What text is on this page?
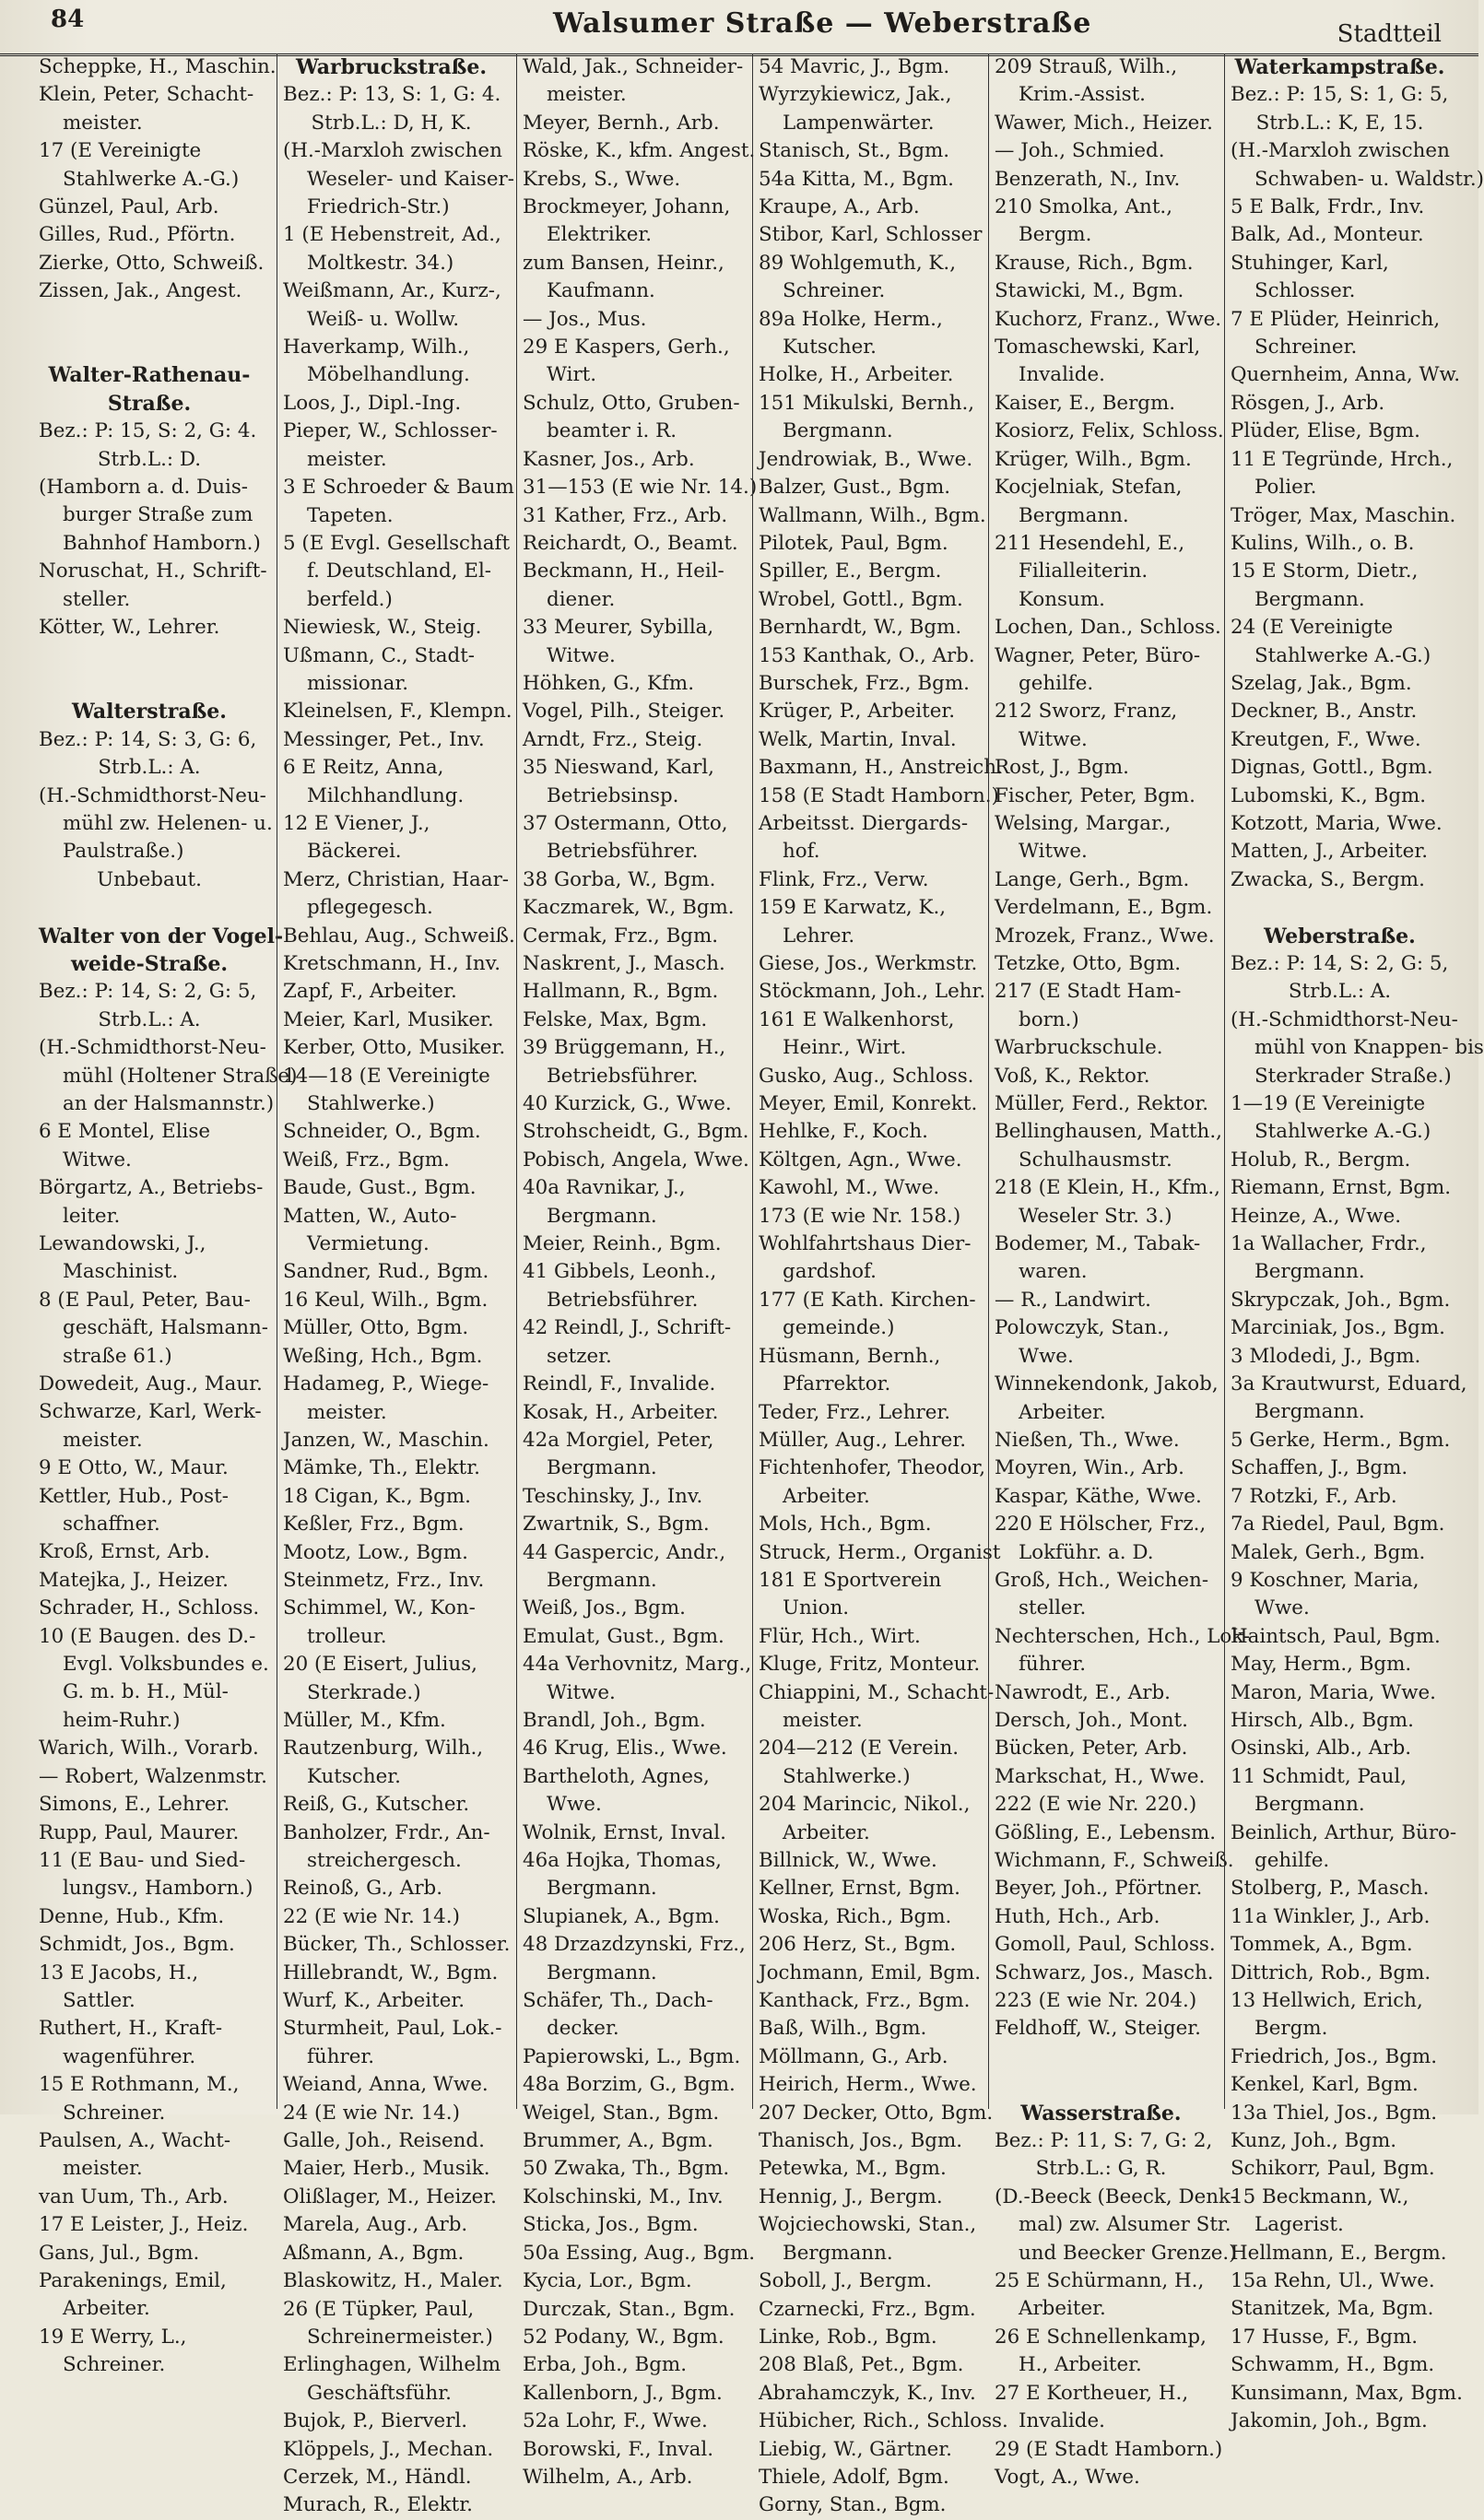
84	Walsumer Straße — Weberstraße	Stadtteil
Scheppke, H., Maschin.
Klein, Peter, Schacht-
meister.
17 (E Vereinigte
Stahlwerke A.-G.)
Günzel, Paul, Arb.
Gilles, Rud., Pförtn.
Zierke, Otto, Schweiß.
Zissen, Jak., Angest.
Walter-Rathenau-
Straße.
Bez.: P: 15, S: 2, G: 4.
Strb.L.: D.
(Hamborn a. d. Duis-
burger Straße zum
Bahnhof Hamborn.)
Noruschat, H., Schrift-
steller.
Kötter, W., Lehrer.
Walterstraße.
Bez.: P: 14, S: 3, G: 6,
Strb.L.: A.
(H.-Schmidthorst-Neu-
mühl zw. Helenen- u.
Paulstraße.)
Unbebaut.
Walter von der Vogel-
weide-Straße.
Bez.: P: 14, S: 2, G: 5,
Strb.L.: A.
(H.-Schmidthorst-Neu-
mühl (Holtener Straße)
an der Halsmannstr.)
6 E Montel, Elise
Witwe.
Börgartz, A., Betriebs-
leiter.
Lewandowski, J.,
Maschinist.
8 (E Paul, Peter, Bau-
geschäft, Halsmann-
straße 61.)
Dowedeit, Aug., Maur.
Schwarze, Karl, Werk-
meister.
9 E Otto, W., Maur.
Kettler, Hub., Post-
schaffner.
Kroß, Ernst, Arb.
Matejka, J., Heizer.
Schrader, H., Schloss.
10 (E Baugen. des D.-
Evgl. Volksbundes e.
G. m. b. H., Mül-
heim-Ruhr.)
Warich, Wilh., Vorarb.
— Robert, Walzenmstr.
Simons, E., Lehrer.
Rupp, Paul, Maurer.
11 (E Bau- und Sied-
lungsv., Hamborn.)
Denne, Hub., Kfm.
Schmidt, Jos., Bgm.
13 E Jacobs, H.,
Sattler.
Ruthert, H., Kraft-
wagenführer.
15 E Rothmann, M.,
Schreiner.
Paulsen, A., Wacht-
meister.
van Uum, Th., Arb.
17 E Leister, J., Heiz.
Gans, Jul., Bgm.
Parakenings, Emil,
Arbeiter.
19 E Werry, L.,
Schreiner.
Warbruckstraße.
Bez.: P: 13, S: 1, G: 4.
Strb.L.: D, H, K.
(H.-Marxloh zwischen
Weseler- und Kaiser-
Friedrich-Str.)
1 (E Hebenstreit, Ad.,
Moltkestr. 34.)
Weißmann, Ar., Kurz-,
Weiß- u. Wollw.
Haverkamp, Wilh.,
Möbelhandlung.
Loos, J., Dipl.-Ing.
Pieper, W., Schlosser-
meister.
3 E Schroeder & Baum
Tapeten.
5 (E Evgl. Gesellschaft
f. Deutschland, El-
berfeld.)
Niewiesk, W., Steig.
Ußmann, C., Stadt-
missionar.
Kleinelsen, F., Klempn.
Messinger, Pet., Inv.
6 E Reitz, Anna,
Milchhandlung.
12 E Viener, J.,
Bäckerei.
Merz, Christian, Haar-
pflegegesch.
Behlau, Aug., Schweiß.
Kretschmann, H., Inv.
Zapf, F., Arbeiter.
Meier, Karl, Musiker.
Kerber, Otto, Musiker.
14—18 (E Vereinigte
Stahlwerke.)
Schneider, O., Bgm.
Weiß, Frz., Bgm.
Baude, Gust., Bgm.
Matten, W., Auto-
Vermietung.
Sandner, Rud., Bgm.
16 Keul, Wilh., Bgm.
Müller, Otto, Bgm.
Weßing, Hch., Bgm.
Hadameg, P., Wiege-
meister.
Janzen, W., Maschin.
Mämke, Th., Elektr.
18 Cigan, K., Bgm.
Keßler, Frz., Bgm.
Mootz, Low., Bgm.
Steinmetz, Frz., Inv.
Schimmel, W., Kon-
trolleur.
20 (E Eisert, Julius,
Sterkrade.)
Müller, M., Kfm.
Rautzenburg, Wilh.,
Kutscher.
Reiß, G., Kutscher.
Banholzer, Frdr., An-
streichergesch.
Reinoß, G., Arb.
22 (E wie Nr. 14.)
Bücker, Th., Schlosser.
Hillebrandt, W., Bgm.
Wurf, K., Arbeiter.
Sturmheit, Paul, Lok.-
führer.
Weiand, Anna, Wwe.
24 (E wie Nr. 14.)
Galle, Joh., Reisend.
Maier, Herb., Musik.
Olißlager, M., Heizer.
Marela, Aug., Arb.
Aßmann, A., Bgm.
Blaskowitz, H., Maler.
26 (E Tüpker, Paul,
Schreinermeister.)
Erlinghagen, Wilhelm
Geschäftsführ.
Bujok, P., Bierverl.
Klöppels, J., Mechan.
Cerzek, M., Händl.
Murach, R., Elektr.
Wald, Jak., Schneider-
meister.
Meyer, Bernh., Arb.
Röske, K., kfm. Angest.
Krebs, S., Wwe.
Brockmeyer, Johann,
Elektriker.
zum Bansen, Heinr.,
Kaufmann.
— Jos., Mus.
29 E Kaspers, Gerh.,
Wirt.
Schulz, Otto, Gruben-
beamter i. R.
Kasner, Jos., Arb.
31—153 (E wie Nr. 14.)
31 Kather, Frz., Arb.
Reichardt, O., Beamt.
Beckmann, H., Heil-
diener.
33 Meurer, Sybilla,
Witwe.
Höhken, G., Kfm.
Vogel, Pilh., Steiger.
Arndt, Frz., Steig.
35 Nieswand, Karl,
Betriebsinsp.
37 Ostermann, Otto,
Betriebsführer.
38 Gorba, W., Bgm.
Kaczmarek, W., Bgm.
Cermak, Frz., Bgm.
Naskrent, J., Masch.
Hallmann, R., Bgm.
Felske, Max, Bgm.
39 Brüggemann, H.,
Betriebsführer.
40 Kurzick, G., Wwe.
Strohscheidt, G., Bgm.
Pobisch, Angela, Wwe.
40a Ravnikar, J.,
Bergmann.
Meier, Reinh., Bgm.
41 Gibbels, Leonh.,
Betriebsführer.
42 Reindl, J., Schrift-
setzer.
Reindl, F., Invalide.
Kosak, H., Arbeiter.
42a Morgiel, Peter,
Bergmann.
Teschinsky, J., Inv.
Zwartnik, S., Bgm.
44 Gaspercic, Andr.,
Bergmann.
Weiß, Jos., Bgm.
Emulat, Gust., Bgm.
44a Verhovnitz, Marg.,
Witwe.
Brandl, Joh., Bgm.
46 Krug, Elis., Wwe.
Bartheloth, Agnes,
Wwe.
Wolnik, Ernst, Inval.
46a Hojka, Thomas,
Bergmann.
Slupianek, A., Bgm.
48 Drzazdzynski, Frz.,
Bergmann.
Schäfer, Th., Dach-
decker.
Papierowski, L., Bgm.
48a Borzim, G., Bgm.
Weigel, Stan., Bgm.
Brummer, A., Bgm.
50 Zwaka, Th., Bgm.
Kolschinski, M., Inv.
Sticka, Jos., Bgm.
50a Essing, Aug., Bgm.
Kycia, Lor., Bgm.
Durczak, Stan., Bgm.
52 Podany, W., Bgm.
Erba, Joh., Bgm.
Kallenborn, J., Bgm.
52a Lohr, F., Wwe.
Borowski, F., Inval.
Wilhelm, A., Arb.
54 Mavric, J., Bgm.
Wyrzykiewicz, Jak.,
Lampenwärter.
Stanisch, St., Bgm.
54a Kitta, M., Bgm.
Kraupe, A., Arb.
Stibor, Karl, Schlosser
89 Wohlgemuth, K.,
Schreiner.
89a Holke, Herm.,
Kutscher.
Holke, H., Arbeiter.
151 Mikulski, Bernh.,
Bergmann.
Jendrowiak, B., Wwe.
Balzer, Gust., Bgm.
Wallmann, Wilh., Bgm.
Pilotek, Paul, Bgm.
Spiller, E., Bergm.
Wrobel, Gottl., Bgm.
Bernhardt, W., Bgm.
153 Kanthak, O., Arb.
Burschek, Frz., Bgm.
Krüger, P., Arbeiter.
Welk, Martin, Inval.
Baxmann, H., Anstreich.
158 (E Stadt Hamborn.)
Arbeitsst. Diergards-
hof.
Flink, Frz., Verw.
159 E Karwatz, K.,
Lehrer.
Giese, Jos., Werkmstr.
Stöckmann, Joh., Lehr.
161 E Walkenhorst,
Heinr., Wirt.
Gusko, Aug., Schloss.
Meyer, Emil, Konrekt.
Hehlke, F., Koch.
Költgen, Agn., Wwe.
Kawohl, M., Wwe.
173 (E wie Nr. 158.)
Wohlfahrtshaus Dier-
gardshof.
177 (E Kath. Kirchen-
gemeinde.)
Hüsmann, Bernh.,
Pfarrektor.
Teder, Frz., Lehrer.
Müller, Aug., Lehrer.
Fichtenhofer, Theodor,
Arbeiter.
Mols, Hch., Bgm.
Struck, Herm., Organist
181 E Sportverein
Union.
Flür, Hch., Wirt.
Kluge, Fritz, Monteur.
Chiappini, M., Schacht-
meister.
204—212 (E Verein.
Stahlwerke.)
204 Marincic, Nikol.,
Arbeiter.
Billnick, W., Wwe.
Kellner, Ernst, Bgm.
Woska, Rich., Bgm.
206 Herz, St., Bgm.
Jochmann, Emil, Bgm.
Kanthack, Frz., Bgm.
Baß, Wilh., Bgm.
Möllmann, G., Arb.
Heirich, Herm., Wwe.
207 Decker, Otto, Bgm.
Thanisch, Jos., Bgm.
Petewka, M., Bgm.
Hennig, J., Bergm.
Wojciechowski, Stan.,
Bergmann.
Soboll, J., Bergm.
Czarnecki, Frz., Bgm.
Linke, Rob., Bgm.
208 Blaß, Pet., Bgm.
Abrahamczyk, K., Inv.
Hübicher, Rich., Schloss.
Liebig, W., Gärtner.
Thiele, Adolf, Bgm.
Gorny, Stan., Bgm.
209 Strauß, Wilh.,
Krim.-Assist.
Wawer, Mich., Heizer.
— Joh., Schmied.
Benzerath, N., Inv.
210 Smolka, Ant.,
Bergm.
Krause, Rich., Bgm.
Stawicki, M., Bgm.
Kuchorz, Franz., Wwe.
Tomaschewski, Karl,
Invalide.
Kaiser, E., Bergm.
Kosiorz, Felix, Schloss.
Krüger, Wilh., Bgm.
Kocjelniak, Stefan,
Bergmann.
211 Hesendehl, E.,
Filialleiterin.
Konsum.
Lochen, Dan., Schloss.
Wagner, Peter, Büro-
gehilfe.
212 Sworz, Franz,
Witwe.
Rost, J., Bgm.
Fischer, Peter, Bgm.
Welsing, Margar.,
Witwe.
Lange, Gerh., Bgm.
Verdelmann, E., Bgm.
Mrozek, Franz., Wwe.
Tetzke, Otto, Bgm.
217 (E Stadt Ham-
born.)
Warbruckschule.
Voß, K., Rektor.
Müller, Ferd., Rektor.
Bellinghausen, Matth.,
Schulhausmstr.
218 (E Klein, H., Kfm.,
Weseler Str. 3.)
Bodemer, M., Tabak-
waren.
— R., Landwirt.
Polowczyk, Stan.,
Wwe.
Winnekendonk, Jakob,
Arbeiter.
Nießen, Th., Wwe.
Moyren, Win., Arb.
Kaspar, Käthe, Wwe.
220 E Hölscher, Frz.,
Lokführ. a. D.
Groß, Hch., Weichen-
steller.
Nechterschen, Hch., Lok-
führer.
Nawrodt, E., Arb.
Dersch, Joh., Mont.
Bücken, Peter, Arb.
Markschat, H., Wwe.
222 (E wie Nr. 220.)
Gößling, E., Lebensm.
Wichmann, F., Schweiß.
Beyer, Joh., Pförtner.
Huth, Hch., Arb.
Gomoll, Paul, Schloss.
Schwarz, Jos., Masch.
223 (E wie Nr. 204.)
Feldhoff, W., Steiger.
Wasserstraße.
Bez.: P: 11, S: 7, G: 2,
Strb.L.: G, R.
(D.-Beeck (Beeck, Denk-
mal) zw. Alsumer Str.
und Beecker Grenze.)
25 E Schürmann, H.,
Arbeiter.
26 E Schnellenkamp,
H., Arbeiter.
27 E Kortheuer, H.,
Invalide.
29 (E Stadt Hamborn.)
Vogt, A., Wwe.
Waterkampstraße.
Bez.: P: 15, S: 1, G: 5,
Strb.L.: K, E, 15.
(H.-Marxloh zwischen
Schwaben- u. Waldstr.)
5 E Balk, Frdr., Inv.
Balk, Ad., Monteur.
Stuhinger, Karl,
Schlosser.
7 E Plüder, Heinrich,
Schreiner.
Quernheim, Anna, Ww.
Rösgen, J., Arb.
Plüder, Elise, Bgm.
11 E Tegründe, Hrch.,
Polier.
Tröger, Max, Maschin.
Kulins, Wilh., o. B.
15 E Storm, Dietr.,
Bergmann.
24 (E Vereinigte
Stahlwerke A.-G.)
Szelag, Jak., Bgm.
Deckner, B., Anstr.
Kreutgen, F., Wwe.
Dignas, Gottl., Bgm.
Lubomski, K., Bgm.
Kotzott, Maria, Wwe.
Matten, J., Arbeiter.
Zwacka, S., Bergm.
Weberstraße.
Bez.: P: 14, S: 2, G: 5,
Strb.L.: A.
(H.-Schmidthorst-Neu-
mühl von Knappen- bis
Sterkrader Straße.)
1—19 (E Vereinigte
Stahlwerke A.-G.)
Holub, R., Bergm.
Riemann, Ernst, Bgm.
Heinze, A., Wwe.
1a Wallacher, Frdr.,
Bergmann.
Skrypczak, Joh., Bgm.
Marciniak, Jos., Bgm.
3 Mlodedi, J., Bgm.
3a Krautwurst, Eduard,
Bergmann.
5 Gerke, Herm., Bgm.
Schaffen, J., Bgm.
7 Rotzki, F., Arb.
7a Riedel, Paul, Bgm.
Malek, Gerh., Bgm.
9 Koschner, Maria,
Wwe.
Haintsch, Paul, Bgm.
May, Herm., Bgm.
Maron, Maria, Wwe.
Hirsch, Alb., Bgm.
Osinski, Alb., Arb.
11 Schmidt, Paul,
Bergmann.
Beinlich, Arthur, Büro-
gehilfe.
Stolberg, P., Masch.
11a Winkler, J., Arb.
Tommek, A., Bgm.
Dittrich, Rob., Bgm.
13 Hellwich, Erich,
Bergm.
Friedrich, Jos., Bgm.
Kenkel, Karl, Bgm.
13a Thiel, Jos., Bgm.
Kunz, Joh., Bgm.
Schikorr, Paul, Bgm.
15 Beckmann, W.,
Lagerist.
Hellmann, E., Bergm.
15a Rehn, Ul., Wwe.
Stanitzek, Ma, Bgm.
17 Husse, F., Bgm.
Schwamm, H., Bgm.
Kunsimann, Max, Bgm.
Jakomin, Joh., Bgm.
